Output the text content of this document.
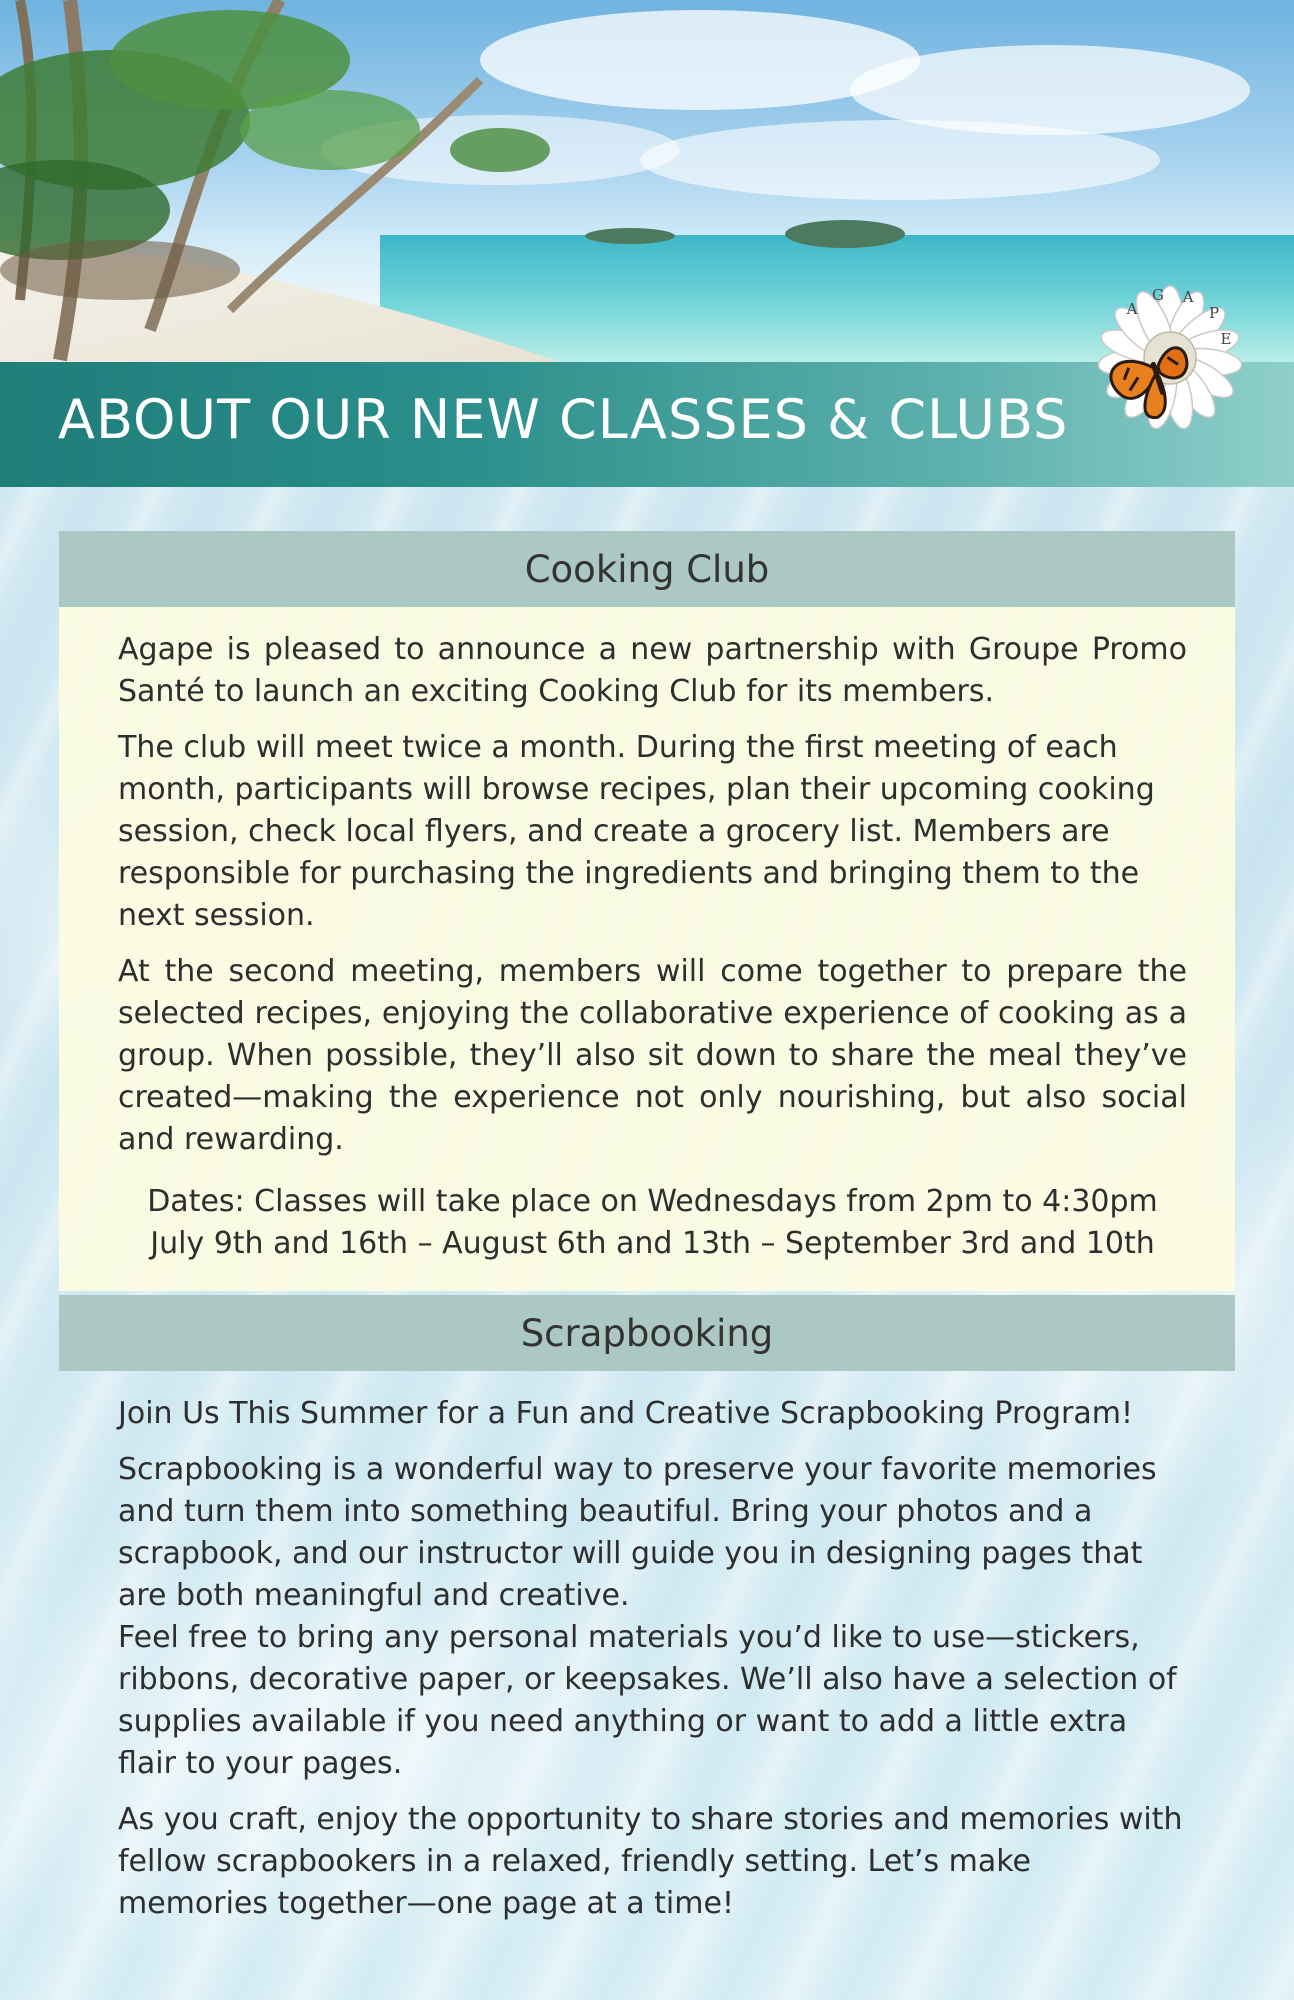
ABOUT OUR NEW CLASSES & CLUBS
A
G A
P
E
Cooking Club

Agape is pleased to announce a new partnership with Groupe Promo Santé to launch an exciting Cooking Club for its members.

The club will meet twice a month. During the first meeting of each month, participants will browse recipes, plan their upcoming cooking session, check local flyers, and create a grocery list. Members are responsible for purchasing the ingredients and bringing them to the next session.

At the second meeting, members will come together to prepare the selected recipes, enjoying the collaborative experience of cooking as a group. When possible, they’ll also sit down to share the meal they’ve created—making the experience not only nourishing, but also social and rewarding.

Dates: Classes will take place on Wednesdays from 2pm to 4:30pm

July 9th and 16th – August 6th and 13th – September 3rd and 10th

Scrapbooking

Join Us This Summer for a Fun and Creative Scrapbooking Program!

Scrapbooking is a wonderful way to preserve your favorite memories and turn them into something beautiful. Bring your photos and a scrapbook, and our instructor will guide you in designing pages that are both meaningful and creative.

Feel free to bring any personal materials you’d like to use—stickers, ribbons, decorative paper, or keepsakes. We’ll also have a selection of supplies available if you need anything or want to add a little extra flair to your pages.

As you craft, enjoy the opportunity to share stories and memories with fellow scrapbookers in a relaxed, friendly setting. Let’s make memories together—one page at a time!
